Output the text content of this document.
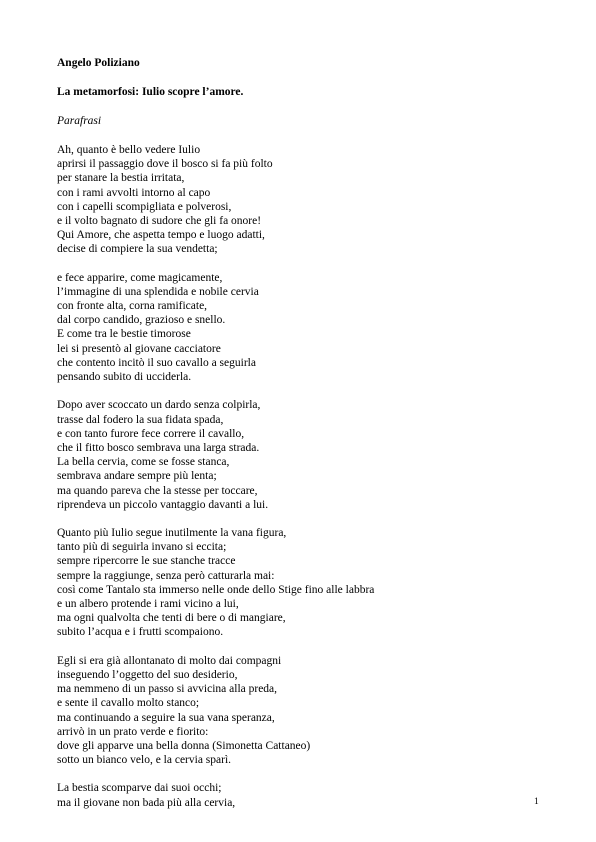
Angelo Poliziano
La metamorfosi: Iulio scopre l’amore.
Parafrasi
Ah, quanto è bello vedere Iulio
aprirsi il passaggio dove il bosco si fa più folto
per stanare la bestia irritata,
con i rami avvolti intorno al capo
con i capelli scompigliata e polverosi,
e il volto bagnato di sudore che gli fa onore!
Qui Amore, che aspetta tempo e luogo adatti,
decise di compiere la sua vendetta;
e fece apparire, come magicamente,
l’immagine di una splendida e nobile cervia
con fronte alta, corna ramificate,
dal corpo candido, grazioso e snello.
E come tra le bestie timorose
lei si presentò al giovane cacciatore
che contento incitò il suo cavallo a seguirla
pensando subito di ucciderla.
Dopo aver scoccato un dardo senza colpirla,
trasse dal fodero la sua fidata spada,
e con tanto furore fece correre il cavallo,
che il fitto bosco sembrava una larga strada.
La bella cervia, come se fosse stanca,
sembrava andare sempre più lenta;
ma quando pareva che la stesse per toccare,
riprendeva un piccolo vantaggio davanti a lui.
Quanto più Iulio segue inutilmente la vana figura,
tanto più di seguirla invano si eccita;
sempre ripercorre le sue stanche tracce
sempre la raggiunge, senza però catturarla mai:
così come Tantalo sta immerso nelle onde dello Stige fino alle labbra
e un albero protende i rami vicino a lui,
ma ogni qualvolta che tenti di bere o di mangiare,
subito l’acqua e i frutti scompaiono.
Egli si era già allontanato di molto dai compagni
inseguendo l’oggetto del suo desiderio,
ma nemmeno di un passo si avvicina alla preda,
e sente il cavallo molto stanco;
ma continuando a seguire la sua vana speranza,
arrivò in un prato verde e fiorito:
dove gli apparve una bella donna (Simonetta Cattaneo)
sotto un bianco velo, e la cervia sparì.
La bestia scomparve dai suoi occhi;
ma il giovane non bada più alla cervia,	1
